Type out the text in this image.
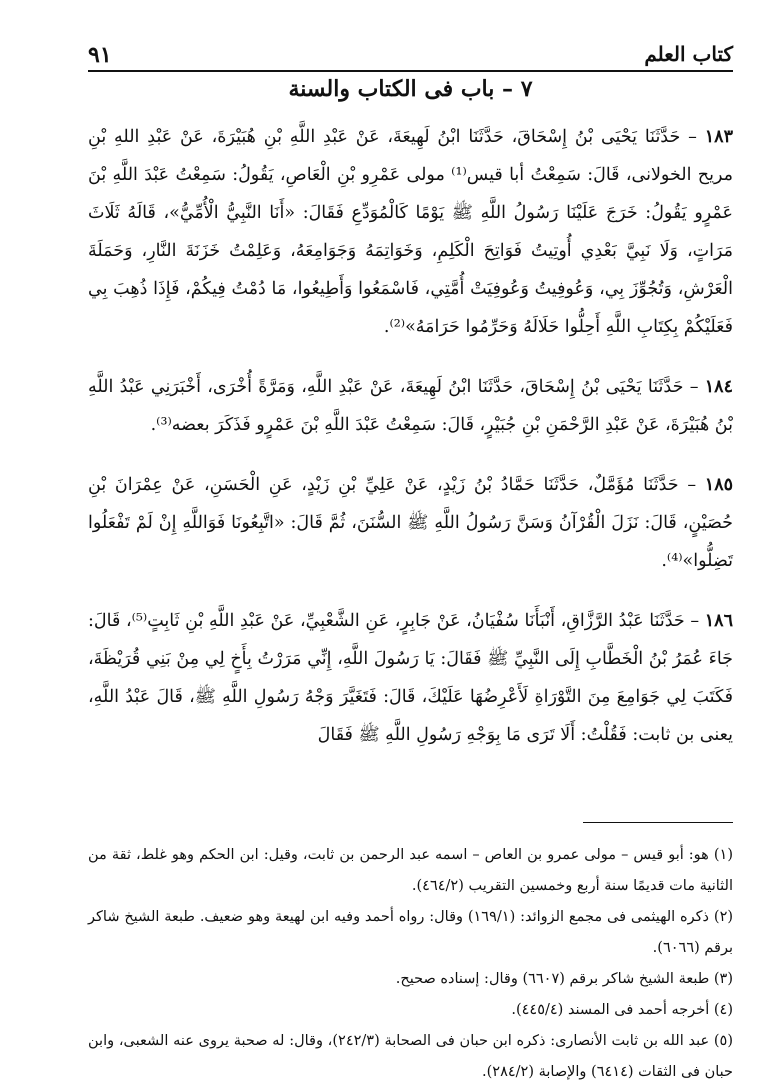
كتاب العلم
٩١
٧ – باب فى الكتاب والسنة

١٨٣ – حَدَّثَنَا يَحْيَى بْنُ إِسْحَاقَ، حَدَّثَنَا ابْنُ لَهِيعَةَ، عَنْ عَبْدِ اللَّهِ بْنِ هُبَيْرَةَ، عَنْ عَبْدِ اللهِ بْنِ مريح الخولانى، قَالَ: سَمِعْتُ أبا قيس⁽¹⁾ مولى عَمْرِو بْنِ الْعَاصِ، يَقُولُ: سَمِعْتُ عَبْدَ اللَّهِ بْنَ عَمْرٍو يَقُولُ: خَرَجَ عَلَيْنَا رَسُولُ اللَّهِ ﷺ يَوْمًا كَالْمُوَدِّعِ فَقَالَ: «أَنَا النَّبِيُّ الْأُمِّيُّ»، قَالَهُ ثَلَاثَ مَرَاتٍ، وَلَا نَبِيَّ بَعْدِي أُوتِيتُ فَوَاتِحَ الْكَلِمِ، وَخَوَاتِمَهُ وَجَوَامِعَهُ، وَعَلِمْتُ خَزَنَةَ النَّارِ، وَحَمَلَةَ الْعَرْشِ، وَتُجُوِّزَ بِي، وَعُوفِيتُ وَعُوفِيَتْ أُمَّتِي، فَاسْمَعُوا وَأَطِيعُوا، مَا دُمْتُ فِيكُمْ، فَإِذَا ذُهِبَ بِي فَعَلَيْكُمْ بِكِتَابِ اللَّهِ أَحِلُّوا حَلَالَهُ وَحَرِّمُوا حَرَامَهُ»⁽²⁾.

١٨٤ – حَدَّثَنَا يَحْيَى بْنُ إِسْحَاقَ، حَدَّثَنَا ابْنُ لَهِيعَةَ، عَنْ عَبْدِ اللَّهِ، وَمَرَّةً أُخْرَى، أَخْبَرَنِي عَبْدُ اللَّهِ بْنُ هُبَيْرَةَ، عَنْ عَبْدِ الرَّحْمَنِ بْنِ جُبَيْرٍ، قَالَ: سَمِعْتُ عَبْدَ اللَّهِ بْنَ عَمْرٍو فَذَكَرَ بعضه⁽³⁾.

١٨٥ – حَدَّثَنَا مُؤَمَّلٌ، حَدَّثَنَا حَمَّادُ بْنُ زَيْدٍ، عَنْ عَلِيِّ بْنِ زَيْدٍ، عَنِ الْحَسَنِ، عَنْ عِمْرَانَ بْنِ حُصَيْنٍ، قَالَ: نَزَلَ الْقُرْآنُ وَسَنَّ رَسُولُ اللَّهِ ﷺ السُّنَنَ، ثُمَّ قَالَ: «اتَّبِعُونَا فَوَاللَّهِ إِنْ لَمْ تَفْعَلُوا تَضِلُّوا»⁽⁴⁾.

١٨٦ – حَدَّثَنَا عَبْدُ الرَّزَّاقِ، أَنْبَأَنَا سُفْيَانُ، عَنْ جَابِرٍ، عَنِ الشَّعْبِيِّ، عَنْ عَبْدِ اللَّهِ بْنِ ثَابِتٍ⁽⁵⁾، قَالَ: جَاءَ عُمَرُ بْنُ الْخَطَّابِ إِلَى النَّبِيِّ ﷺ فَقَالَ: يَا رَسُولَ اللَّهِ، إِنِّي مَرَرْتُ بِأَخٍ لِي مِنْ بَنِي قُرَيْظَةَ، فَكَتَبَ لِي جَوَامِعَ مِنَ التَّوْرَاةِ لَأَعْرِضُهَا عَلَيْكَ، قَالَ: فَتَغَيَّرَ وَجْهُ رَسُولِ اللَّهِ ﷺ، قَالَ عَبْدُ اللَّهِ، يعنى بن ثابت: فَقُلْتُ: أَلَا تَرَى مَا بِوَجْهِ رَسُولِ اللَّهِ ﷺ فَقَالَ

(١) هو: أبو قيس – مولى عمرو بن العاص – اسمه عبد الرحمن بن ثابت، وقيل: ابن الحكم وهو غلط، ثقة من الثانية مات قديمًا سنة أربع وخمسين التقريب (٤٦٤/٢).

(٢) ذكره الهيثمى فى مجمع الزوائد: (١٦٩/١) وقال: رواه أحمد وفيه ابن لهيعة وهو ضعيف. طبعة الشيخ شاكر برقم (٦٠٦٦).

(٣) طبعة الشيخ شاكر برقم (٦٦٠٧) وقال: إسناده صحيح.

(٤) أخرجه أحمد فى المسند (٤٤٥/٤).

(٥) عبد الله بن ثابت الأنصارى: ذكره ابن حبان فى الصحابة (٢٤٢/٣)، وقال: له صحبة يروى عنه الشعبى، وابن حبان فى الثقات (٦٤١٤) والإصابة (٢٨٤/٢).
